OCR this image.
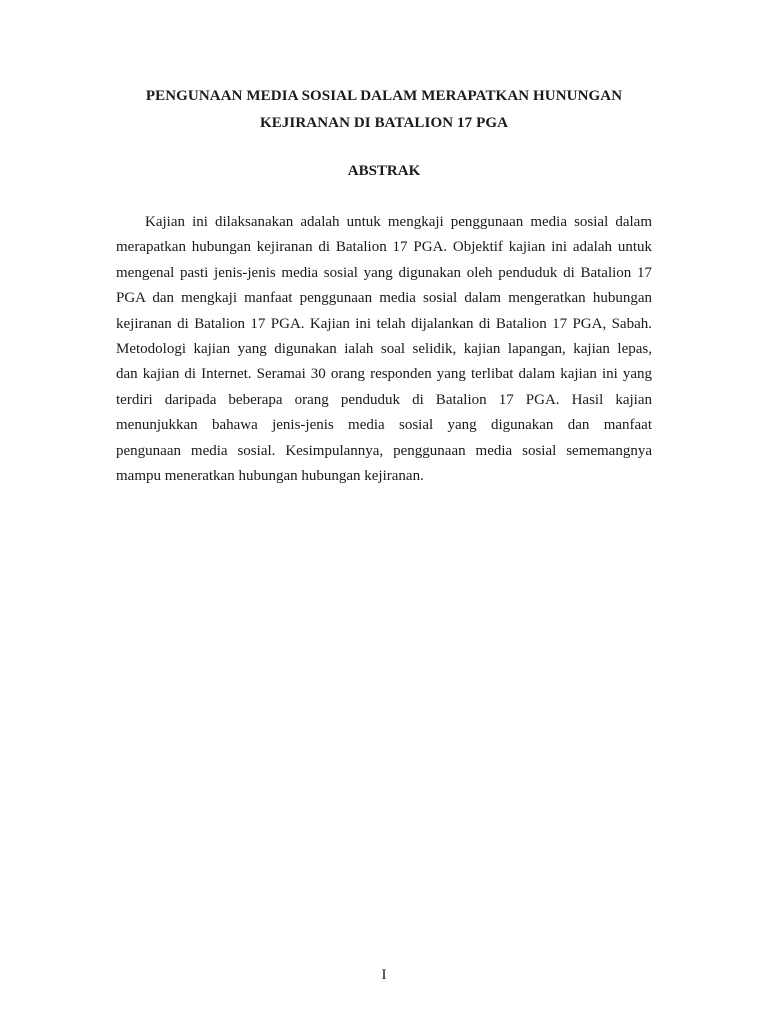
PENGUNAAN MEDIA SOSIAL DALAM MERAPATKAN HUNUNGAN
KEJIRANAN DI BATALION 17 PGA
ABSTRAK
Kajian ini dilaksanakan adalah untuk mengkaji penggunaan media sosial dalam
merapatkan hubungan kejiranan di Batalion 17 PGA. Objektif kajian ini adalah untuk
mengenal pasti jenis-jenis media sosial yang digunakan oleh penduduk di Batalion 17
PGA dan mengkaji manfaat penggunaan media sosial dalam mengeratkan hubungan
kejiranan di Batalion 17 PGA. Kajian ini telah dijalankan di Batalion 17 PGA, Sabah.
Metodologi kajian yang digunakan ialah soal selidik, kajian lapangan, kajian lepas,
dan kajian di Internet. Seramai 30 orang responden yang terlibat dalam kajian ini yang
terdiri daripada beberapa orang penduduk di Batalion 17 PGA. Hasil kajian
menunjukkan bahawa jenis-jenis media sosial yang digunakan dan manfaat
pengunaan media sosial. Kesimpulannya, penggunaan media sosial sememangnya
mampu meneratkan hubungan hubungan kejiranan.
I
